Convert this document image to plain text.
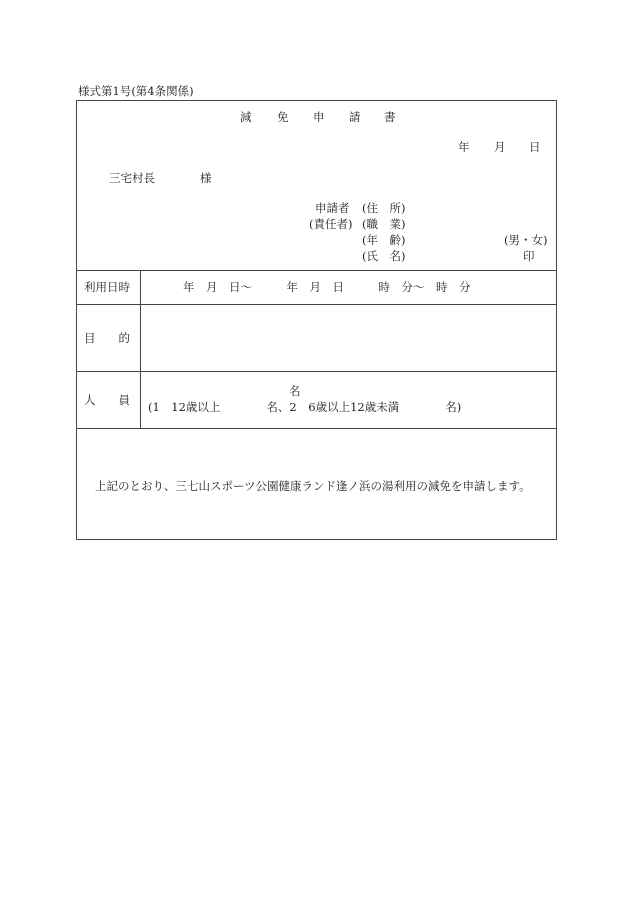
様式第1号(第4条関係)
減 免 申 請 書
年 月 日
三宅村長	様
申請者
(責任者)
(住　所)
(職　業)
(年　齢)
(氏　名)
(男・女)
印
利用日時	年　月　日～　　　年　月　日　　　時　分～　時　分
目　　的
人　　員
名
(1　12歳以上　　　　名、2　6歳以上12歳未満　　　　名)
上記のとおり、三七山スポーツ公園健康ランド逢ノ浜の湯利用の減免を申請します。
